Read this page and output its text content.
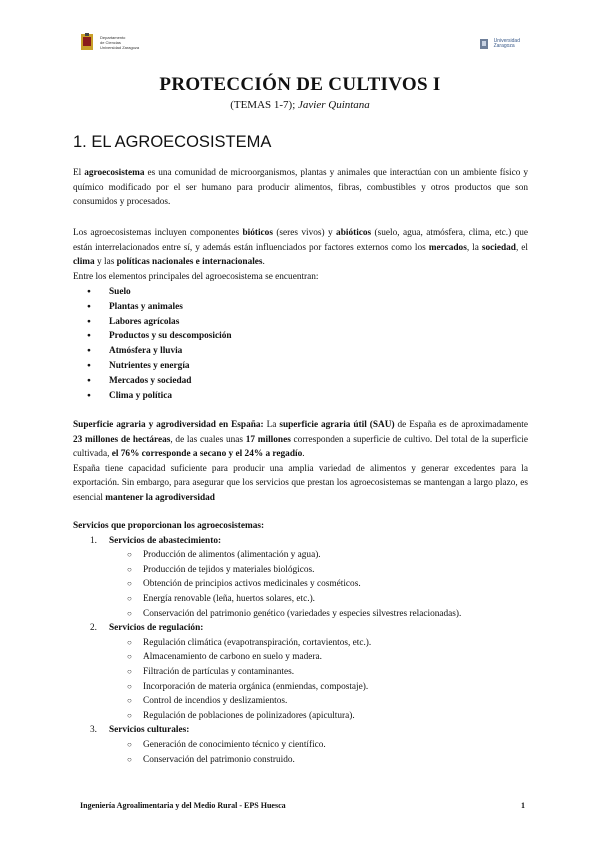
Departamento
de Ciencias
Universidad Zaragoza
Universidad
Zaragoza
PROTECCIÓN DE CULTIVOS I
(TEMAS 1-7); Javier Quintana
1. EL AGROECOSISTEMA
El agroecosistema es una comunidad de microorganismos, plantas y animales que interactúan con un ambiente físico y químico modificado por el ser humano para producir alimentos, fibras, combustibles y otros productos que son consumidos y procesados.
Los agroecosistemas incluyen componentes bióticos (seres vivos) y abióticos (suelo, agua, atmósfera, clima, etc.) que están interrelacionados entre sí, y además están influenciados por factores externos como los mercados, la sociedad, el clima y las políticas nacionales e internacionales.
Entre los elementos principales del agroecosistema se encuentran:
● Suelo
● Plantas y animales
● Labores agrícolas
● Productos y su descomposición
● Atmósfera y lluvia
● Nutrientes y energía
● Mercados y sociedad
● Clima y política
Superficie agraria y agrodiversidad en España: La superficie agraria útil (SAU) de España es de aproximadamente 23 millones de hectáreas, de las cuales unas 17 millones corresponden a superficie de cultivo. Del total de la superficie cultivada, el 76% corresponde a secano y el 24% a regadío.
España tiene capacidad suficiente para producir una amplia variedad de alimentos y generar excedentes para la exportación. Sin embargo, para asegurar que los servicios que prestan los agroecosistemas se mantengan a largo plazo, es esencial mantener la agrodiversidad
Servicios que proporcionan los agroecosistemas:
1. Servicios de abastecimiento:
○ Producción de alimentos (alimentación y agua).
○ Producción de tejidos y materiales biológicos.
○ Obtención de principios activos medicinales y cosméticos.
○ Energía renovable (leña, huertos solares, etc.).
○ Conservación del patrimonio genético (variedades y especies silvestres relacionadas).
2. Servicios de regulación:
○ Regulación climática (evapotranspiración, cortavientos, etc.).
○ Almacenamiento de carbono en suelo y madera.
○ Filtración de partículas y contaminantes.
○ Incorporación de materia orgánica (enmiendas, compostaje).
○ Control de incendios y deslizamientos.
○ Regulación de poblaciones de polinizadores (apicultura).
3. Servicios culturales:
○ Generación de conocimiento técnico y científico.
○ Conservación del patrimonio construido.
Ingeniería Agroalimentaria y del Medio Rural - EPS Huesca	1
